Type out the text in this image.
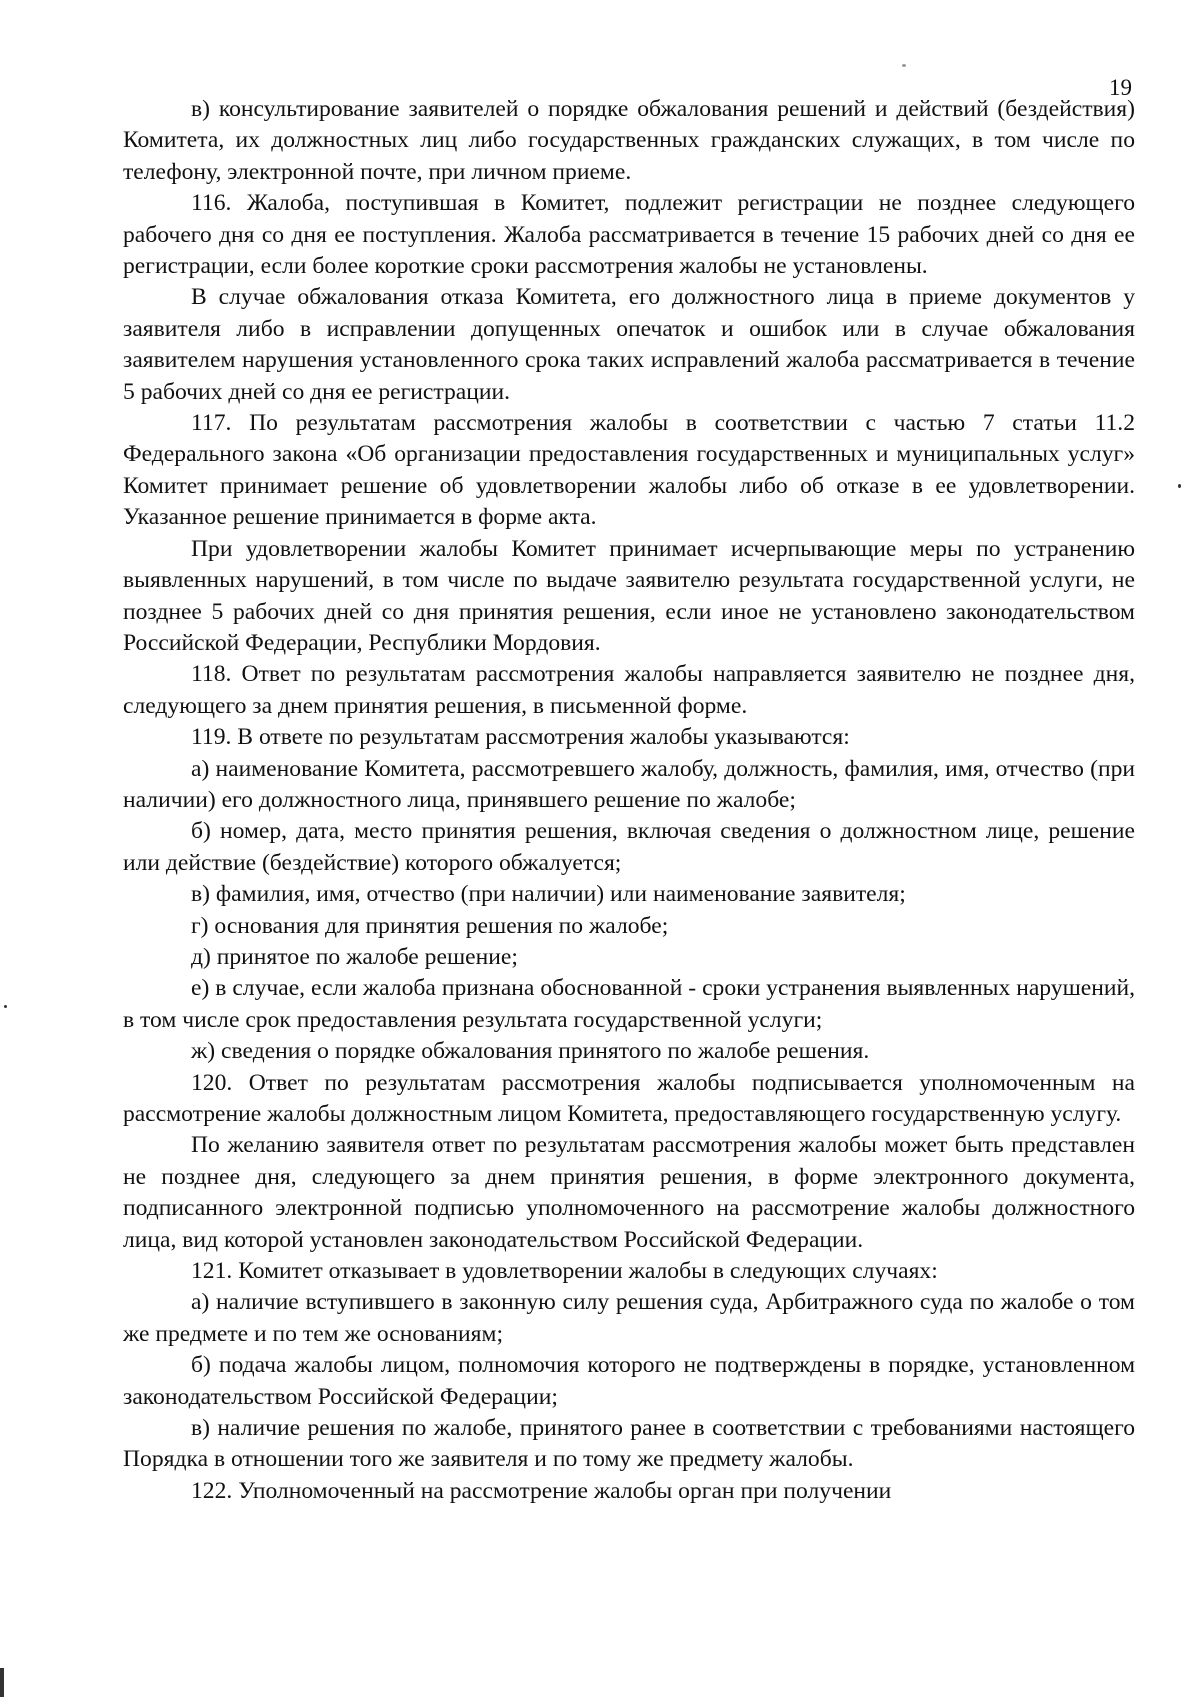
19

в) консультирование заявителей о порядке обжалования решений и действий (бездействия) Комитета, их должностных лиц либо государственных гражданских служащих, в том числе по телефону, электронной почте, при личном приеме.

116. Жалоба, поступившая в Комитет, подлежит регистрации не позднее следующего рабочего дня со дня ее поступления. Жалоба рассматривается в течение 15 рабочих дней со дня ее регистрации, если более короткие сроки рассмотрения жалобы не установлены.

В случае обжалования отказа Комитета, его должностного лица в приеме документов у заявителя либо в исправлении допущенных опечаток и ошибок или в случае обжалования заявителем нарушения установленного срока таких исправлений жалоба рассматривается в течение 5 рабочих дней со дня ее регистрации.

117. По результатам рассмотрения жалобы в соответствии с частью 7 статьи 11.2 Федерального закона «Об организации предоставления государственных и муниципальных услуг» Комитет принимает решение об удовлетворении жалобы либо об отказе в ее удовлетворении. Указанное решение принимается в форме акта.

При удовлетворении жалобы Комитет принимает исчерпывающие меры по устранению выявленных нарушений, в том числе по выдаче заявителю результата государственной услуги, не позднее 5 рабочих дней со дня принятия решения, если иное не установлено законодательством Российской Федерации, Республики Мордовия.

118. Ответ по результатам рассмотрения жалобы направляется заявителю не позднее дня, следующего за днем принятия решения, в письменной форме.

119. В ответе по результатам рассмотрения жалобы указываются:

а) наименование Комитета, рассмотревшего жалобу, должность, фамилия, имя, отчество (при наличии) его должностного лица, принявшего решение по жалобе;

б) номер, дата, место принятия решения, включая сведения о должностном лице, решение или действие (бездействие) которого обжалуется;

в) фамилия, имя, отчество (при наличии) или наименование заявителя;

г) основания для принятия решения по жалобе;

д) принятое по жалобе решение;

е) в случае, если жалоба признана обоснованной - сроки устранения выявленных нарушений, в том числе срок предоставления результата государственной услуги;

ж) сведения о порядке обжалования принятого по жалобе решения.

120. Ответ по результатам рассмотрения жалобы подписывается уполномоченным на рассмотрение жалобы должностным лицом Комитета, предоставляющего государственную услугу.

По желанию заявителя ответ по результатам рассмотрения жалобы может быть представлен не позднее дня, следующего за днем принятия решения, в форме электронного документа, подписанного электронной подписью уполномоченного на рассмотрение жалобы должностного лица, вид которой установлен законодательством Российской Федерации.

121. Комитет отказывает в удовлетворении жалобы в следующих случаях:

а) наличие вступившего в законную силу решения суда, Арбитражного суда по жалобе о том же предмете и по тем же основаниям;

б) подача жалобы лицом, полномочия которого не подтверждены в порядке, установленном законодательством Российской Федерации;

в) наличие решения по жалобе, принятого ранее в соответствии с требованиями настоящего Порядка в отношении того же заявителя и по тому же предмету жалобы.

122. Уполномоченный на рассмотрение жалобы орган при получении
